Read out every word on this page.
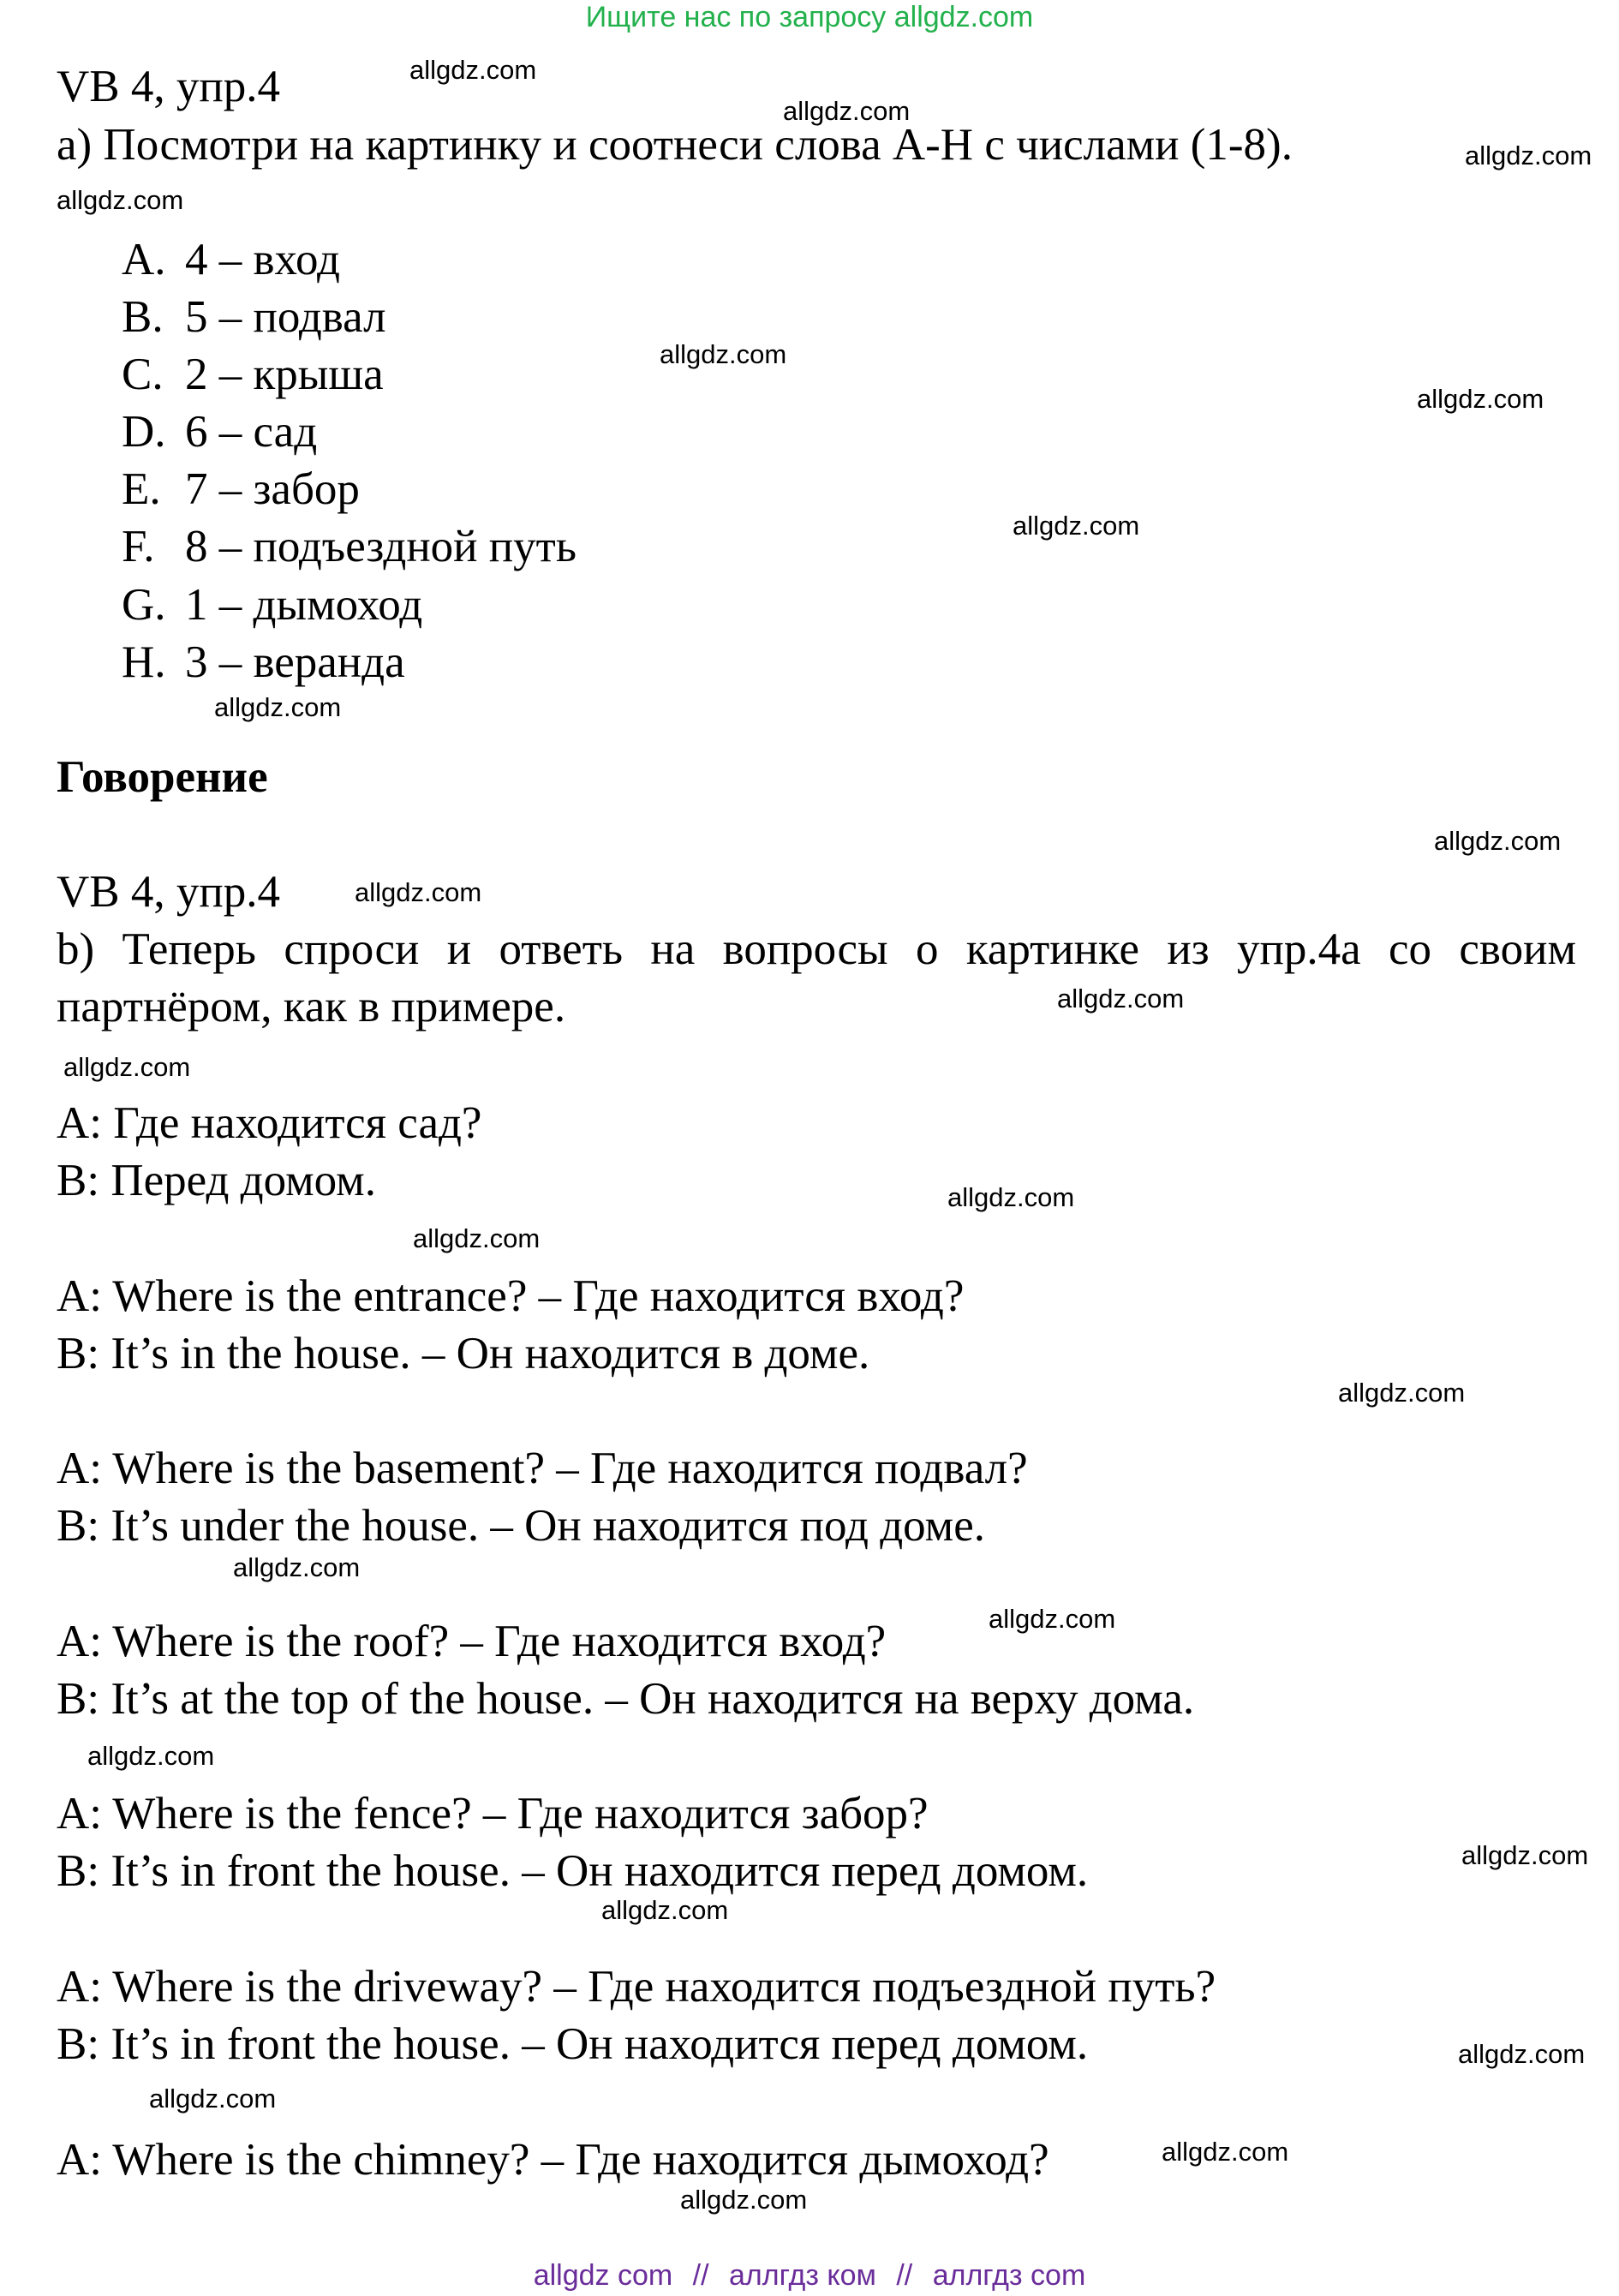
Ищите нас по запросу allgdz.com
VB 4, упр.4
a) Посмотри на картинку и соотнеси слова A-H с числами (1-8).
A. 4 – вход
B. 5 – подвал
C. 2 – крыша
D. 6 – сад
E. 7 – забор
F. 8 – подъездной путь
G. 1 – дымоход
H. 3 – веранда
Говорение
VB 4, упр.4
b) Теперь спроси и ответь на вопросы о картинке из упр.4а со своим партнёром, как в примере.
A: Где находится сад?
B: Перед домом.
A: Where is the entrance? – Где находится вход?
B: It’s in the house. – Он находится в доме.
A: Where is the basement? – Где находится подвал?
B: It’s under the house. – Он находится под доме.
A: Where is the roof? – Где находится вход?
B: It’s at the top of the house. – Он находится на верху дома.
A: Where is the fence? – Где находится забор?
B: It’s in front the house. – Он находится перед домом.
A: Where is the driveway? – Где находится подъездной путь?
B: It’s in front the house. – Он находится перед домом.
A: Where is the chimney? – Где находится дымоход?
allgdz.com
allgdz.com
allgdz.com
allgdz.com
allgdz.com
allgdz.com
allgdz.com
allgdz.com
allgdz.com
allgdz.com
allgdz.com
allgdz.com
allgdz.com
allgdz.com
allgdz.com
allgdz.com
allgdz.com
allgdz.com
allgdz.com
allgdz.com
allgdz.com
allgdz.com
allgdz.com
allgdz.com
allgdz com // аллгдз ком // аллгдз com
